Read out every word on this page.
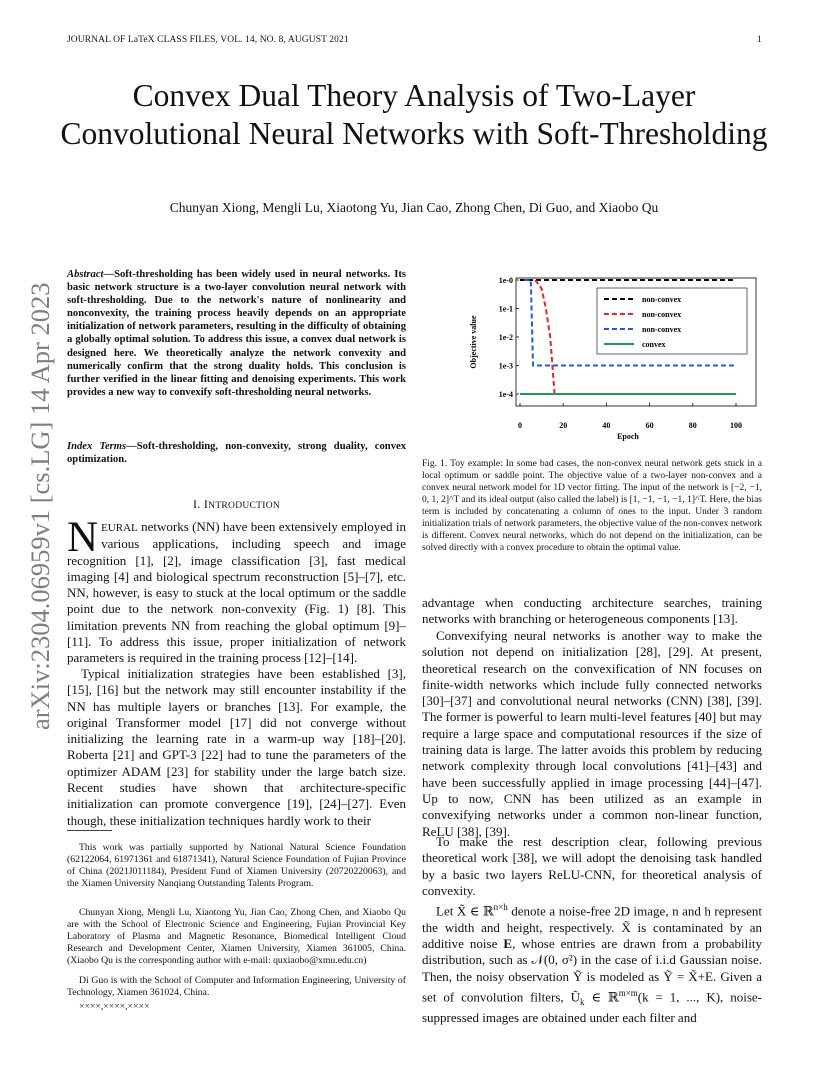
JOURNAL OF LaTeX CLASS FILES, VOL. 14, NO. 8, AUGUST 2021	1
Convex Dual Theory Analysis of Two-Layer Convolutional Neural Networks with Soft-Thresholding
Chunyan Xiong, Mengli Lu, Xiaotong Yu, Jian Cao, Zhong Chen, Di Guo, and Xiaobo Qu
arXiv:2304.06959v1 [cs.LG] 14 Apr 2023
Abstract—Soft-thresholding has been widely used in neural networks. Its basic network structure is a two-layer convolution neural network with soft-thresholding. Due to the network's nature of nonlinearity and nonconvexity, the training process heavily depends on an appropriate initialization of network parameters, resulting in the difficulty of obtaining a globally optimal solution. To address this issue, a convex dual network is designed here. We theoretically analyze the network convexity and numerically confirm that the strong duality holds. This conclusion is further verified in the linear fitting and denoising experiments. This work provides a new way to convexify soft-thresholding neural networks.
Index Terms—Soft-thresholding, non-convexity, strong duality, convex optimization.
I. INTRODUCTION
NEURAL networks (NN) have been extensively employed in various applications, including speech and image recognition [1], [2], image classification [3], fast medical imaging [4] and biological spectrum reconstruction [5]–[7], etc. NN, however, is easy to stuck at the local optimum or the saddle point due to the network non-convexity (Fig. 1) [8]. This limitation prevents NN from reaching the global optimum [9]–[11]. To address this issue, proper initialization of network parameters is required in the training process [12]–[14].
Typical initialization strategies have been established [3], [15], [16] but the network may still encounter instability if the NN has multiple layers or branches [13]. For example, the original Transformer model [17] did not converge without initializing the learning rate in a warm-up way [18]–[20]. Roberta [21] and GPT-3 [22] had to tune the parameters of the optimizer ADAM [23] for stability under the large batch size. Recent studies have shown that architecture-specific initialization can promote convergence [19], [24]–[27]. Even though, these initialization techniques hardly work to their
This work was partially supported by National Natural Science Foundation (62122064, 61971361 and 61871341), Natural Science Foundation of Fujian Province of China (2021J011184), President Fund of Xiamen University (20720220063), and the Xiamen University Nanqiang Outstanding Talents Program.
Chunyan Xiong, Mengli Lu, Xiaotong Yu, Jian Cao, Zhong Chen, and Xiaobo Qu are with the School of Electronic Science and Engineering, Fujian Provincial Key Laboratory of Plasma and Magnetic Resonance, Biomedical Intelligent Cloud Research and Development Center, Xiamen University, Xiamen 361005, China.(Xiaobo Qu is the corresponding author with e-mail: quxiaobo@xmu.edu.cn)
Di Guo is with the School of Computer and Information Engineering, University of Technology, Xiamen 361024, China.
××××,××××,××××
1e-0
1e-1
1e-2
1e-3
1e-4
0	20	40	60	80	100
Epoch
Objective value
non-convex
non-convex
non-convex
convex
Fig. 1. Toy example: In some bad cases, the non-convex neural network gets stuck in a local optimum or saddle point. The objective value of a two-layer non-convex and a convex neural network model for 1D vector fitting. The input of the network is [−2, −1, 0, 1, 2]^T and its ideal output (also called the label) is [1, −1, −1, −1, 1]^T. Here, the bias term is included by concatenating a column of ones to the input. Under 3 random initialization trials of network parameters, the objective value of the non-convex network is different. Convex neural networks, which do not depend on the initialization, can be solved directly with a convex procedure to obtain the optimal value.
advantage when conducting architecture searches, training networks with branching or heterogeneous components [13].
Convexifying neural networks is another way to make the solution not depend on initialization [28], [29]. At present, theoretical research on the convexification of NN focuses on finite-width networks which include fully connected networks [30]–[37] and convolutional neural networks (CNN) [38], [39]. The former is powerful to learn multi-level features [40] but may require a large space and computational resources if the size of training data is large. The latter avoids this problem by reducing network complexity through local convolutions [41]–[43] and have been successfully applied in image processing [44]–[47]. Up to now, CNN has been utilized as an example in convexifying networks under a common non-linear function, ReLU [38], [39].
To make the rest description clear, following previous theoretical work [38], we will adopt the denoising task handled by a basic two layers ReLU-CNN, for theoretical analysis of convexity.
Let X̃ ∈ ℝ$^{n\times h}$ denote a noise-free 2D image, n and h represent the width and height, respectively. X̃ is contaminated by an additive noise E, whose entries are drawn from a probability distribution, such as 𝒩(0, σ²) in the case of i.i.d Gaussian noise. Then, the noisy observation Ỹ is modeled as Ỹ = X̃+E. Given a set of convolution filters, $Ũ_k$ ∈ ℝ$^{m\times m}$(k = 1, ..., K), noise-suppressed images are obtained under each filter and
